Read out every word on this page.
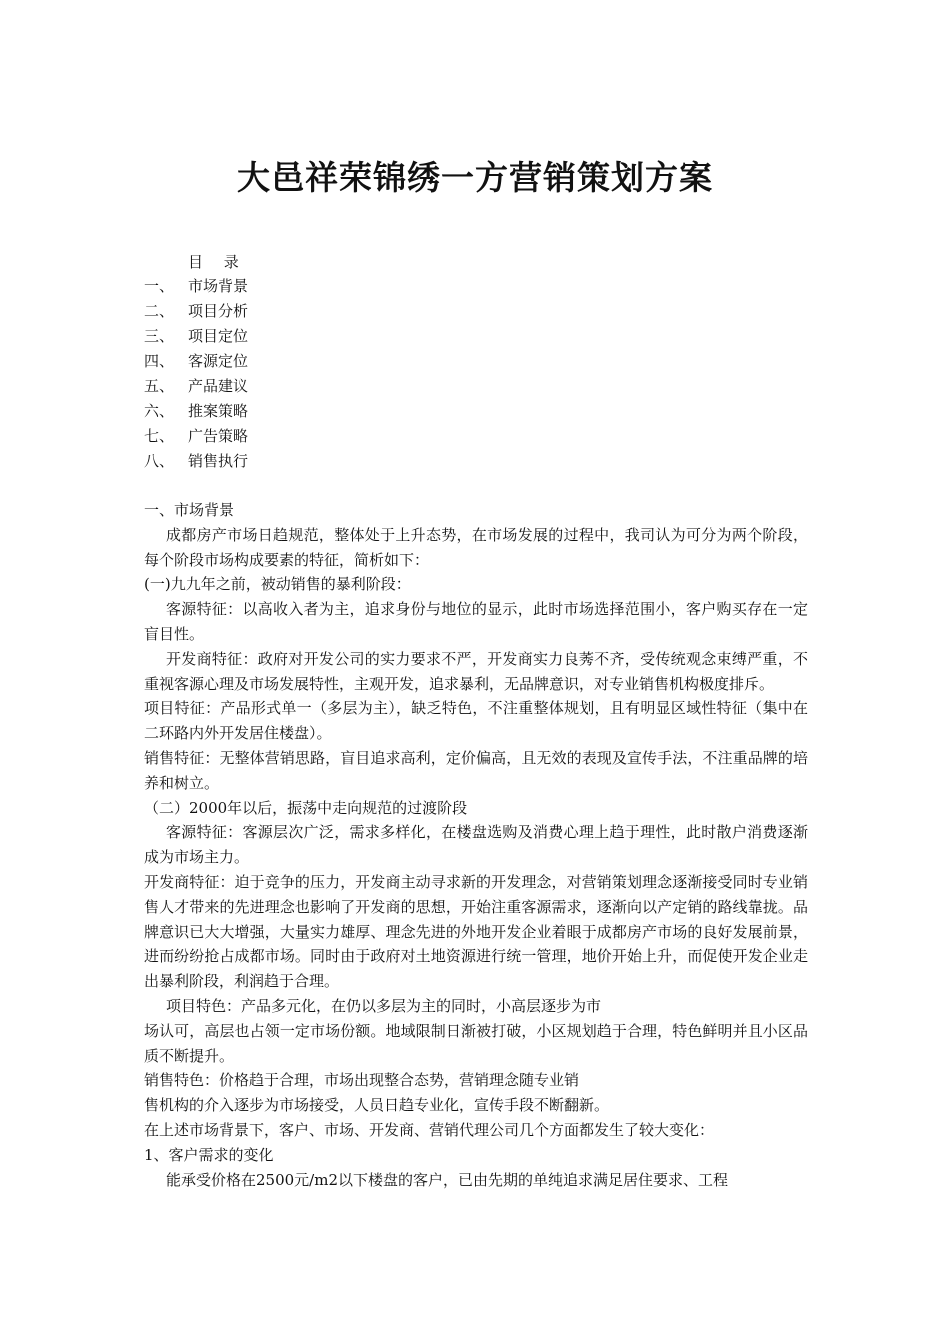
大邑祥荣锦绣一方营销策划方案
目 录
一、 市场背景
二、 项目分析
三、 项目定位
四、 客源定位
五、 产品建议
六、 推案策略
七、 广告策略
八、 销售执行

一、市场背景

成都房产市场日趋规范，整体处于上升态势，在市场发展的过程中，我司认为可分为两个阶段，每个阶段市场构成要素的特征，简析如下：

(一)九九年之前，被动销售的暴利阶段：

客源特征：以高收入者为主，追求身份与地位的显示，此时市场选择范围小，客户购买存在一定盲目性。

开发商特征：政府对开发公司的实力要求不严，开发商实力良莠不齐，受传统观念束缚严重，不重视客源心理及市场发展特性，主观开发，追求暴利，无品牌意识，对专业销售机构极度排斥。

项目特征：产品形式单一（多层为主），缺乏特色，不注重整体规划，且有明显区域性特征（集中在二环路内外开发居住楼盘）。

销售特征：无整体营销思路，盲目追求高利，定价偏高，且无效的表现及宣传手法，不注重品牌的培养和树立。

（二）2000年以后，振荡中走向规范的过渡阶段

客源特征：客源层次广泛，需求多样化，在楼盘选购及消费心理上趋于理性，此时散户消费逐渐成为市场主力。

开发商特征：迫于竞争的压力，开发商主动寻求新的开发理念，对营销策划理念逐渐接受同时专业销售人才带来的先进理念也影响了开发商的思想，开始注重客源需求，逐渐向以产定销的路线靠拢。品牌意识已大大增强，大量实力雄厚、理念先进的外地开发企业着眼于成都房产市场的良好发展前景，进而纷纷抢占成都市场。同时由于政府对土地资源进行统一管理，地价开始上升，而促使开发企业走出暴利阶段，利润趋于合理。

项目特色：产品多元化，在仍以多层为主的同时，小高层逐步为市

场认可，高层也占领一定市场份额。地域限制日渐被打破，小区规划趋于合理，特色鲜明并且小区品质不断提升。

销售特色：价格趋于合理，市场出现整合态势，营销理念随专业销

售机构的介入逐步为市场接受，人员日趋专业化，宣传手段不断翻新。

在上述市场背景下，客户、市场、开发商、营销代理公司几个方面都发生了较大变化：

1、客户需求的变化

能承受价格在2500元/m2以下楼盘的客户，已由先期的单纯追求满足居住要求、工程
